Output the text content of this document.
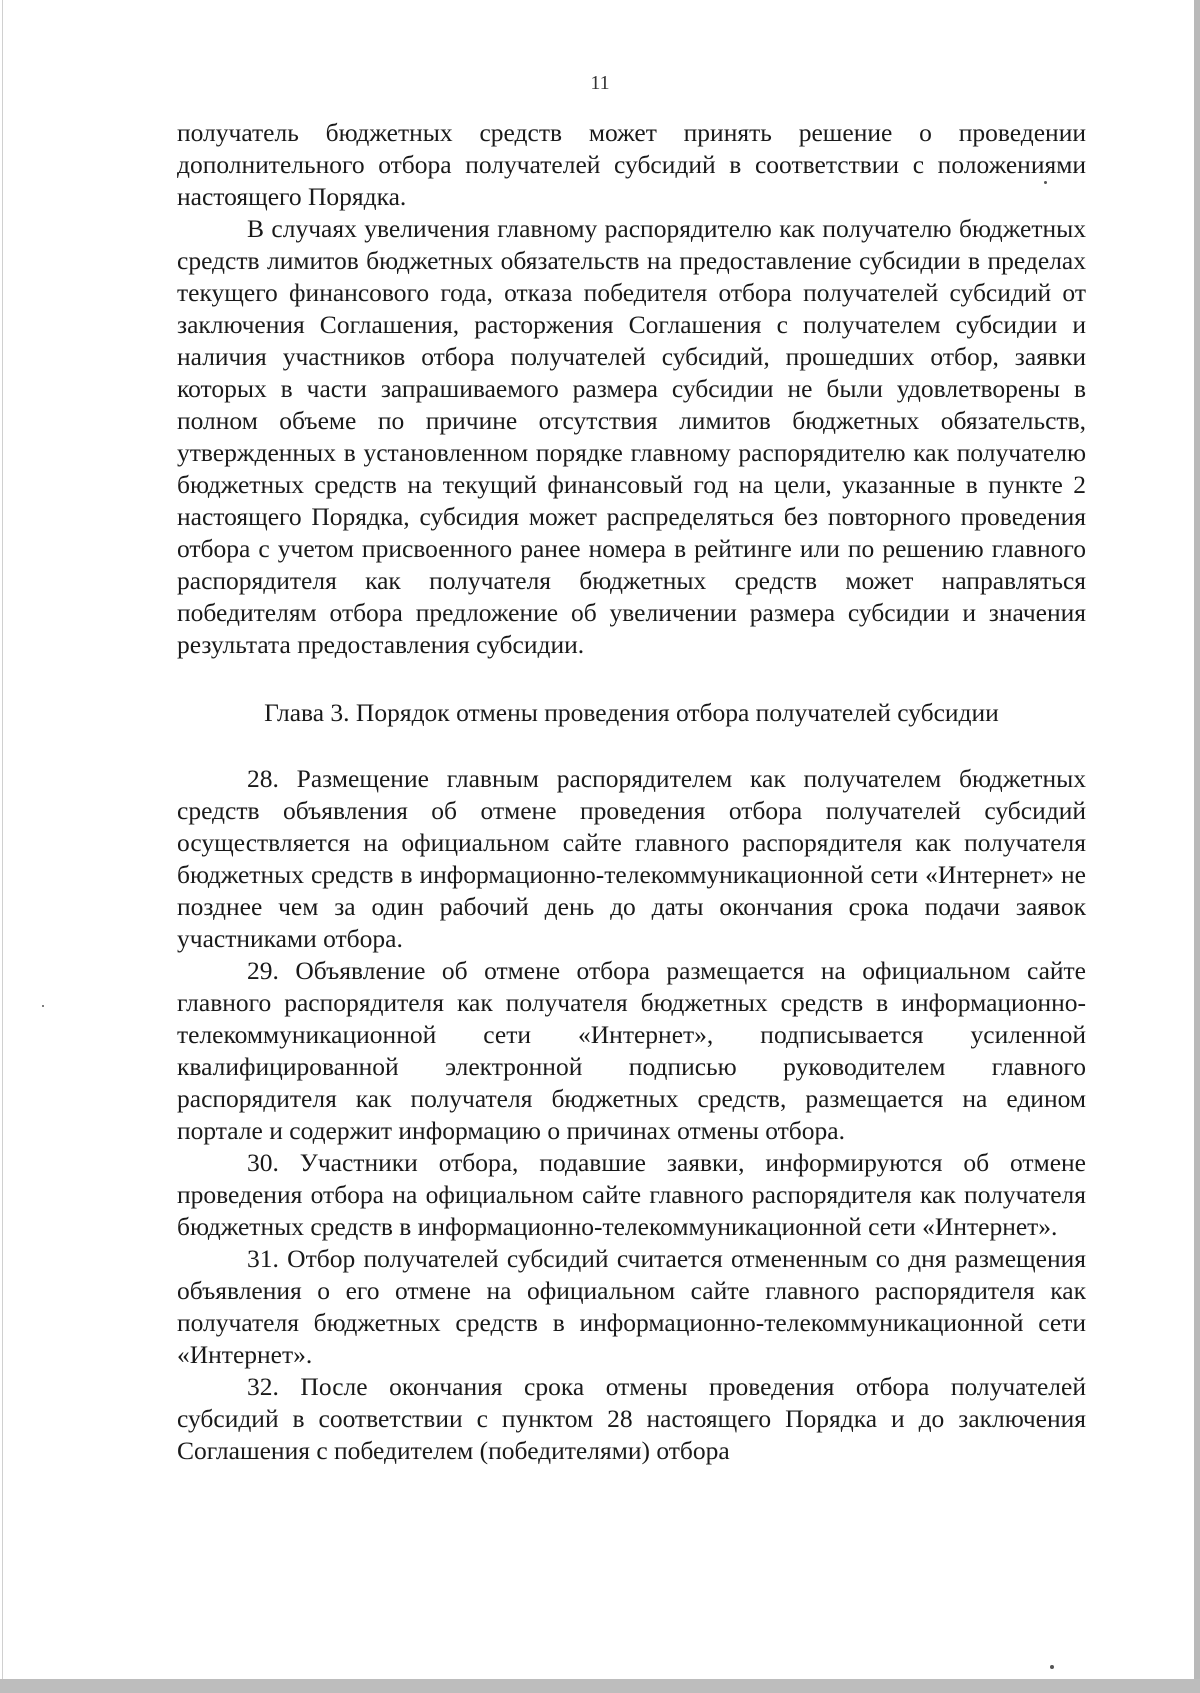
11

получатель бюджетных средств может принять решение о проведении дополнительного отбора получателей субсидий в соответствии с положениями настоящего Порядка.

В случаях увеличения главному распорядителю как получателю бюджетных средств лимитов бюджетных обязательств на предоставление субсидии в пределах текущего финансового года, отказа победителя отбора получателей субсидий от заключения Соглашения, расторжения Соглашения с получателем субсидии и наличия участников отбора получателей субсидий, прошедших отбор, заявки которых в части запрашиваемого размера субсидии не были удовлетворены в полном объеме по причине отсутствия лимитов бюджетных обязательств, утвержденных в установленном порядке главному распорядителю как получателю бюджетных средств на текущий финансовый год на цели, указанные в пункте 2 настоящего Порядка, субсидия может распределяться без повторного проведения отбора с учетом присвоенного ранее номера в рейтинге или по решению главного распорядителя как получателя бюджетных средств может направляться победителям отбора предложение об увеличении размера субсидии и значения результата предоставления субсидии.

Глава 3. Порядок отмены проведения отбора получателей субсидии

28. Размещение главным распорядителем как получателем бюджетных средств объявления об отмене проведения отбора получателей субсидий осуществляется на официальном сайте главного распорядителя как получателя бюджетных средств в информационно-телекоммуникационной сети «Интернет» не позднее чем за один рабочий день до даты окончания срока подачи заявок участниками отбора.

29. Объявление об отмене отбора размещается на официальном сайте главного распорядителя как получателя бюджетных средств в информационно-телекоммуникационной сети «Интернет», подписывается усиленной квалифицированной электронной подписью руководителем главного распорядителя как получателя бюджетных средств, размещается на едином портале и содержит информацию о причинах отмены отбора.

30. Участники отбора, подавшие заявки, информируются об отмене проведения отбора на официальном сайте главного распорядителя как получателя бюджетных средств в информационно-телекоммуникационной сети «Интернет».

31. Отбор получателей субсидий считается отмененным со дня размещения объявления о его отмене на официальном сайте главного распорядителя как получателя бюджетных средств в информационно-телекоммуникационной сети «Интернет».

32. После окончания срока отмены проведения отбора получателей субсидий в соответствии с пунктом 28 настоящего Порядка и до заключения Соглашения с победителем (победителями) отбора
